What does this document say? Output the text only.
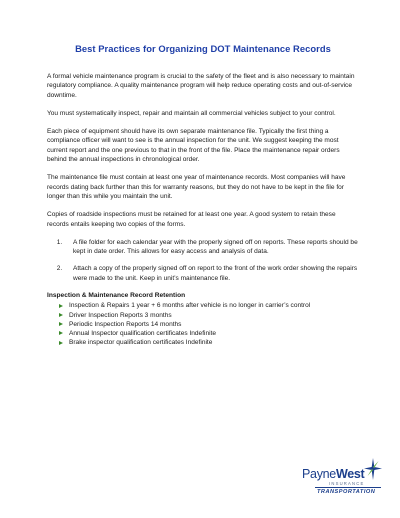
Best Practices for Organizing DOT Maintenance Records

A formal vehicle maintenance program is crucial to the safety of the fleet and is also necessary to maintain regulatory compliance. A quality maintenance program will help reduce operating costs and out-of-service downtime.

You must systematically inspect, repair and maintain all commercial vehicles subject to your control.

Each piece of equipment should have its own separate maintenance file. Typically the first thing a compliance officer will want to see is the annual inspection for the unit. We suggest keeping the most current report and the one previous to that in the front of the file. Place the maintenance repair orders behind the annual inspections in chronological order.

The maintenance file must contain at least one year of maintenance records. Most companies will have records dating back further than this for warranty reasons, but they do not have to be kept in the file for longer than this while you maintain the unit.

Copies of roadside inspections must be retained for at least one year. A good system to retain these records entails keeping two copies of the forms.

1. A file folder for each calendar year with the properly signed off on reports. These reports should be kept in date order. This allows for easy access and analysis of data.
2. Attach a copy of the properly signed off on report to the front of the work order showing the repairs were made to the unit. Keep in unit’s maintenance file.
Inspection & Maintenance Record Retention
Inspection & Repairs 1 year + 6 months after vehicle is no longer in carrier’s control
Driver Inspection Reports 3 months
Periodic Inspection Reports 14 months
Annual Inspector qualification certificates Indefinite
Brake inspector qualification certificates Indefinite
PayneWest
INSURANCE
TRANSPORTATION
